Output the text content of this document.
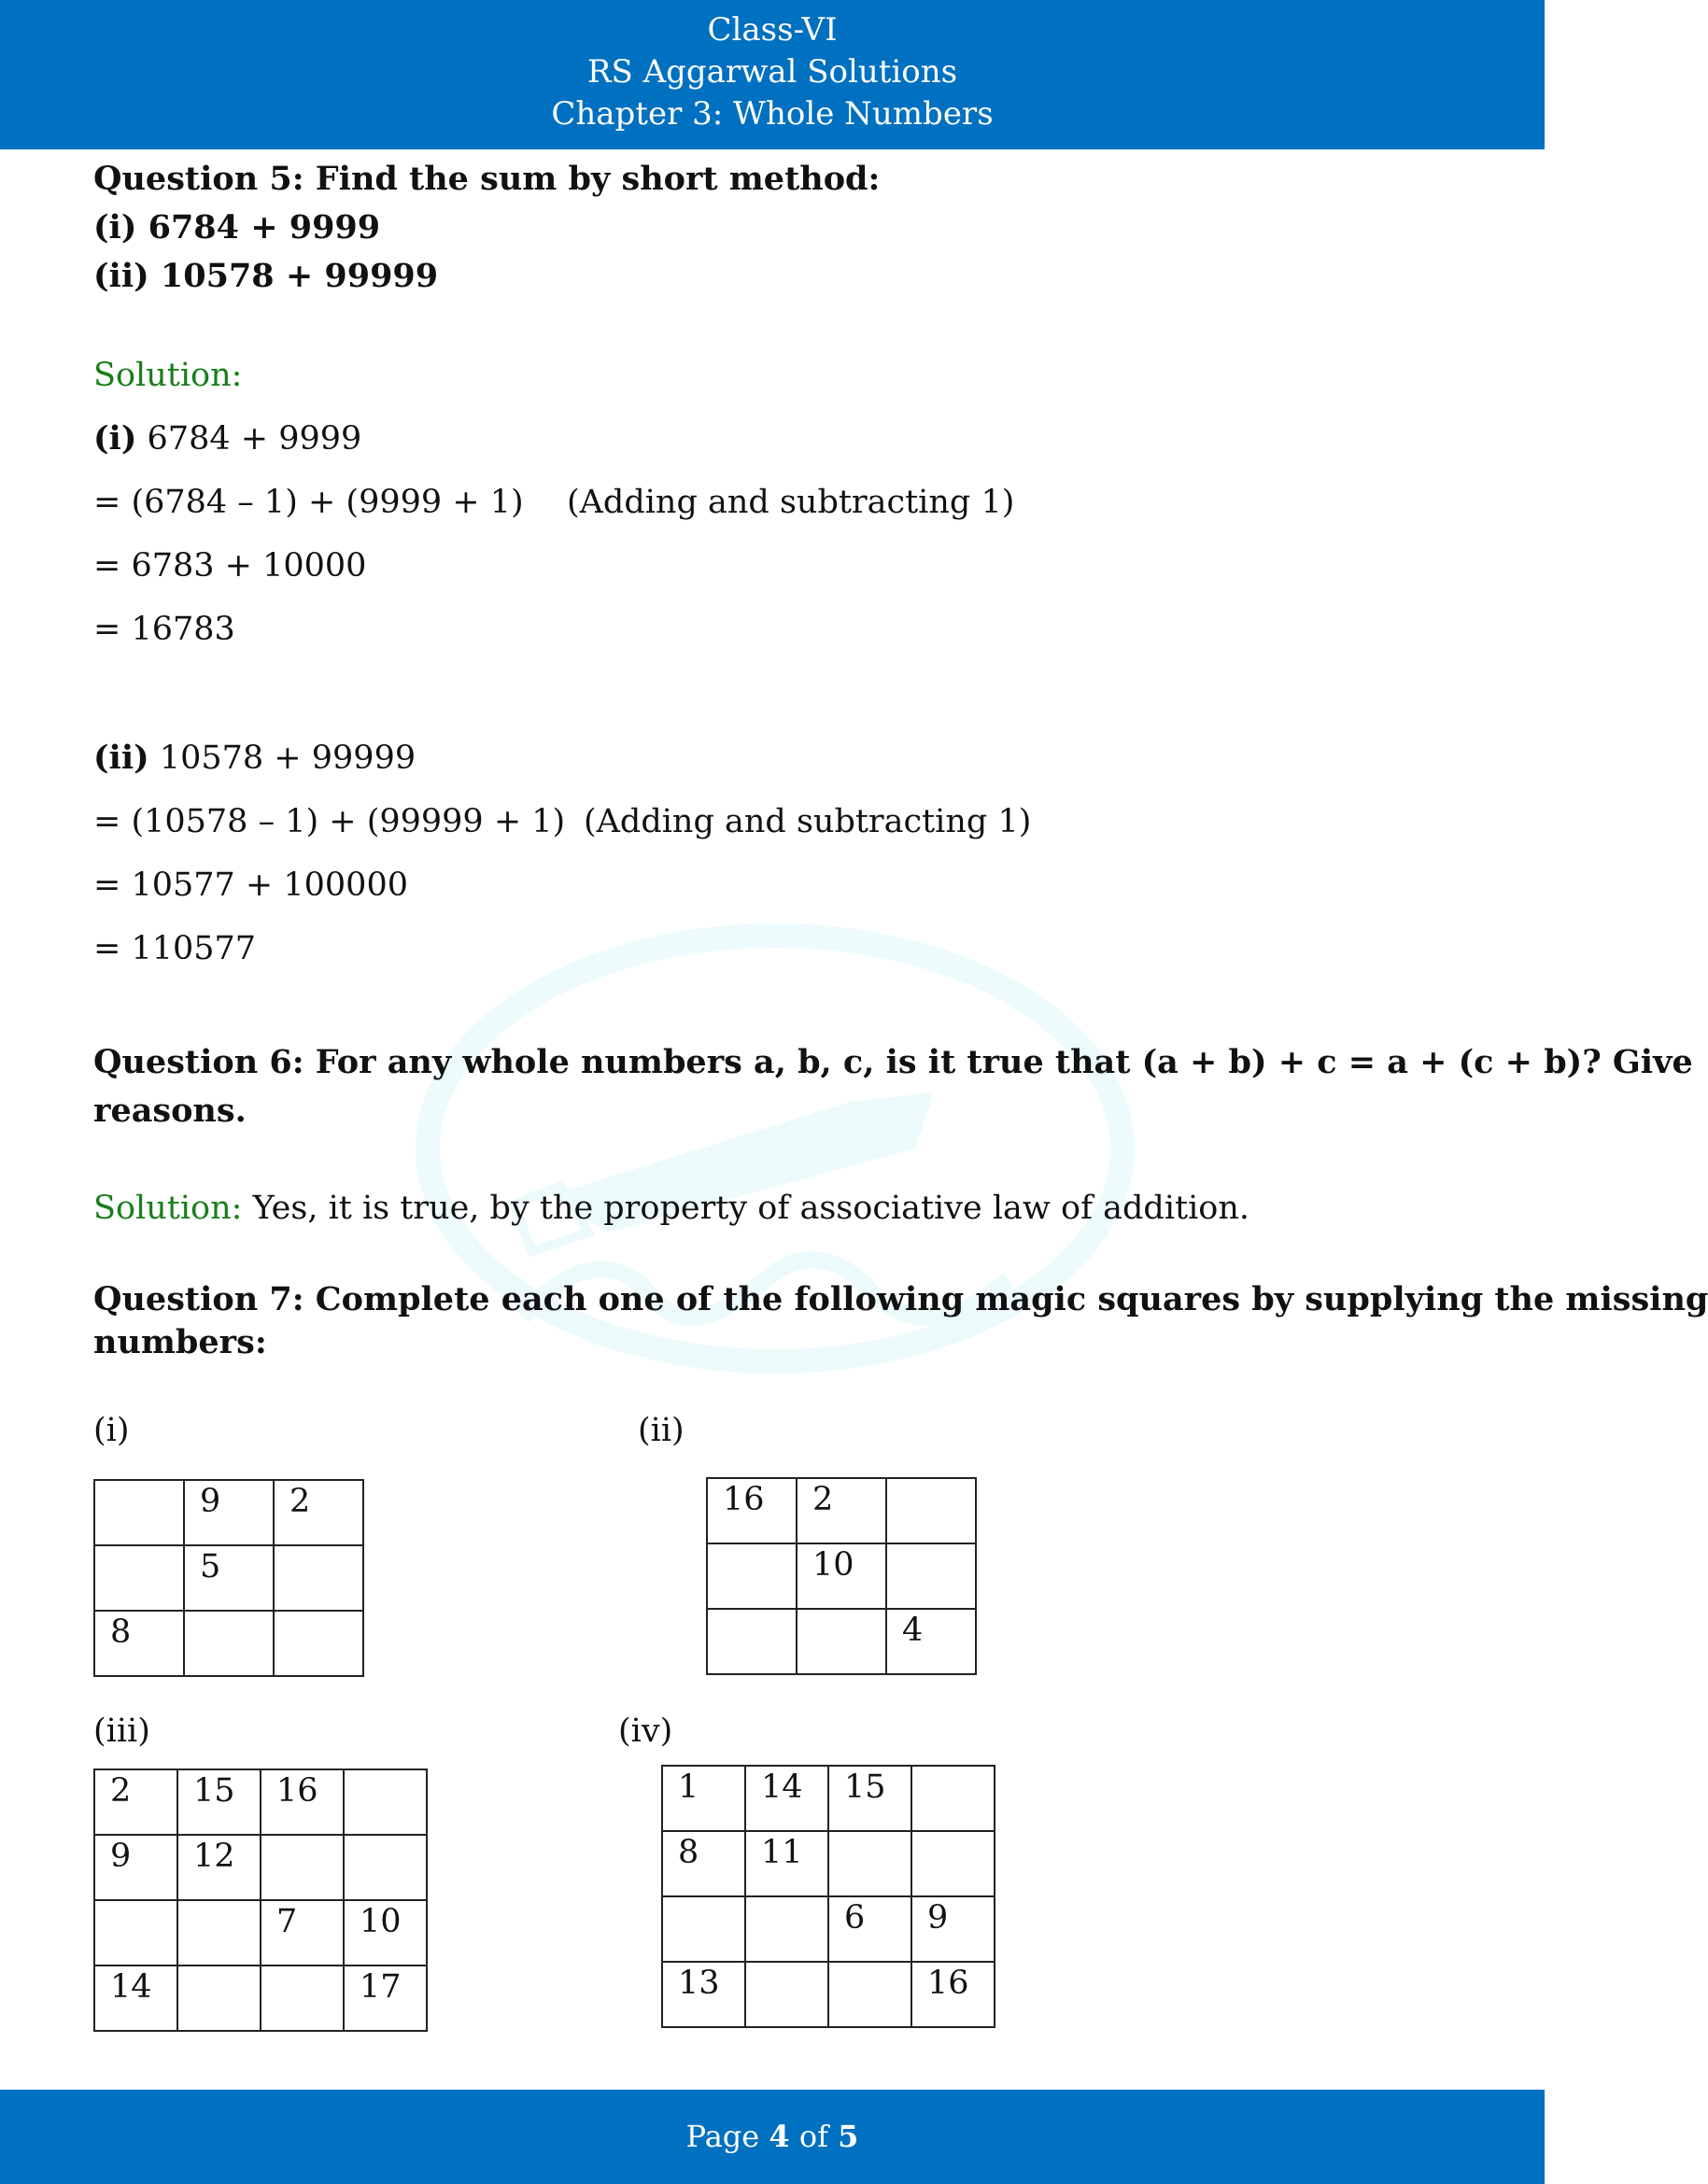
Class-VI
RS Aggarwal Solutions
Chapter 3: Whole Numbers
Question 5: Find the sum by short method:
(i) 6784 + 9999
(ii) 10578 + 99999
Solution:
(i) 6784 + 9999
= (6784 – 1) + (9999 + 1) (Adding and subtracting 1)
= 6783 + 10000
= 16783
(ii) 10578 + 99999
= (10578 – 1) + (99999 + 1) (Adding and subtracting 1)
= 10577 + 100000
= 110577
Question 6: For any whole numbers a, b, c, is it true that (a + b) + c = a + (c + b)? Give
reasons.
Solution: Yes, it is true, by the property of associative law of addition.
Question 7: Complete each one of the following magic squares by supplying the missing
numbers:
(i)	(ii)
(iii)	(iv)
	9	2
	5	
8		
16	2	
	10	
		4
2	15	16	
9	12		
		7	10
14			17
1	14	15	
8	11		
		6	9
13			16
Page 4 of 5
